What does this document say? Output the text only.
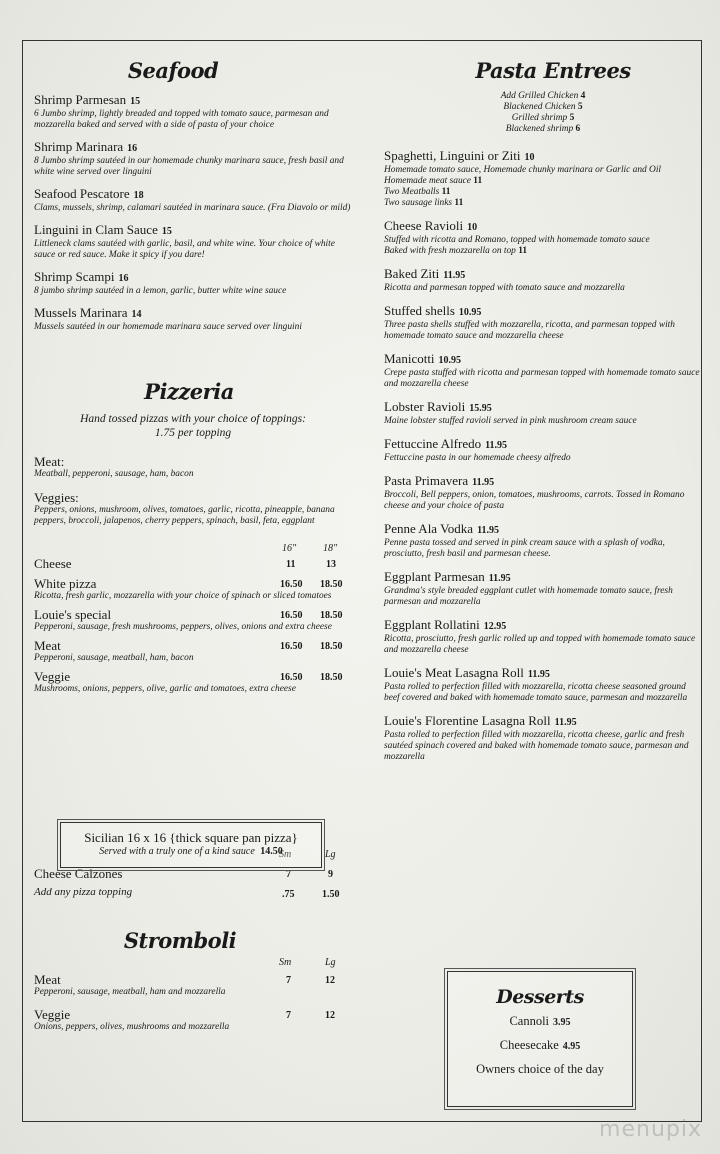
Seafood
Shrimp Parmesan 15
6 Jumbo shrimp, lightly breaded and topped with tomato sauce, parmesan and mozzarella baked and served with a side of pasta of your choice
Shrimp Marinara 16
8 Jumbo shrimp sautéed in our homemade chunky marinara sauce, fresh basil and white wine served over linguini
Seafood Pescatore 18
Clams, mussels, shrimp, calamari sautéed in marinara sauce. (Fra Diavolo or mild)
Linguini in Clam Sauce 15
Littleneck clams sautéed with garlic, basil, and white wine. Your choice of white sauce or red sauce. Make it spicy if you dare!
Shrimp Scampi 16
8 jumbo shrimp sautéed in a lemon, garlic, butter white wine sauce
Mussels Marinara 14
Mussels sautéed in our homemade marinara sauce served over linguini
Pizzeria
Hand tossed pizzas with your choice of toppings:
1.75 per topping
Meat:
Meatball, pepperoni, sausage, ham, bacon
Veggies:
Peppers, onions, mushroom, olives, tomatoes, garlic, ricotta, pineapple, banana peppers, broccoli, jalapenos, cherry peppers, spinach, basil, feta, eggplant
16"	18"
Cheese	11	13
White pizza	16.50 18.50
Ricotta, fresh garlic, mozzarella with your choice of spinach or sliced tomatoes
Louie's special	16.50 18.50
Pepperoni, sausage, fresh mushrooms, peppers, olives, onions and extra cheese
Meat	16.50 18.50
Pepperoni, sausage, meatball, ham, bacon
Veggie	16.50 18.50
Mushrooms, onions, peppers, olive, garlic and tomatoes, extra cheese
Sm	Lg
Cheese Calzones	7	9
Add any pizza topping	.75	1.50
Stromboli
Sm	Lg
Meat	7	12
Pepperoni, sausage, meatball, ham and mozzarella
Veggie	7	12
Onions, peppers, olives, mushrooms and mozzarella
Sicilian 16 x 16 {thick square pan pizza}
Served with a truly one of a kind sauce 14.50
Pasta Entrees
Add Grilled Chicken 4
Blackened Chicken 5
Grilled shrimp 5
Blackened shrimp 6
Spaghetti, Linguini or Ziti 10
Homemade tomato sauce, Homemade chunky marinara or Garlic and Oil
Homemade meat sauce 11
Two Meatballs 11
Two sausage links 11
Cheese Ravioli 10
Stuffed with ricotta and Romano, topped with homemade tomato sauce
Baked with fresh mozzarella on top 11
Baked Ziti 11.95
Ricotta and parmesan topped with tomato sauce and mozzarella
Stuffed shells 10.95
Three pasta shells stuffed with mozzarella, ricotta, and parmesan topped with homemade tomato sauce and mozzarella cheese
Manicotti 10.95
Crepe pasta stuffed with ricotta and parmesan topped with homemade tomato sauce and mozzarella cheese
Lobster Ravioli 15.95
Maine lobster stuffed ravioli served in pink mushroom cream sauce
Fettuccine Alfredo 11.95
Fettuccine pasta in our homemade cheesy alfredo
Pasta Primavera 11.95
Broccoli, Bell peppers, onion, tomatoes, mushrooms, carrots. Tossed in Romano cheese and your choice of pasta
Penne Ala Vodka 11.95
Penne pasta tossed and served in pink cream sauce with a splash of vodka, prosciutto, fresh basil and parmesan cheese.
Eggplant Parmesan 11.95
Grandma's style breaded eggplant cutlet with homemade tomato sauce, fresh parmesan and mozzarella
Eggplant Rollatini 12.95
Ricotta, prosciutto, fresh garlic rolled up and topped with homemade tomato sauce and mozzarella cheese
Louie's Meat Lasagna Roll 11.95
Pasta rolled to perfection filled with mozzarella, ricotta cheese seasoned ground beef covered and baked with homemade tomato sauce, parmesan and mozzarella
Louie's Florentine Lasagna Roll 11.95
Pasta rolled to perfection filled with mozzarella, ricotta cheese, garlic and fresh sautéed spinach covered and baked with homemade tomato sauce, parmesan and mozzarella
Desserts
Cannoli 3.95
Cheesecake 4.95
Owners choice of the day
menupix
